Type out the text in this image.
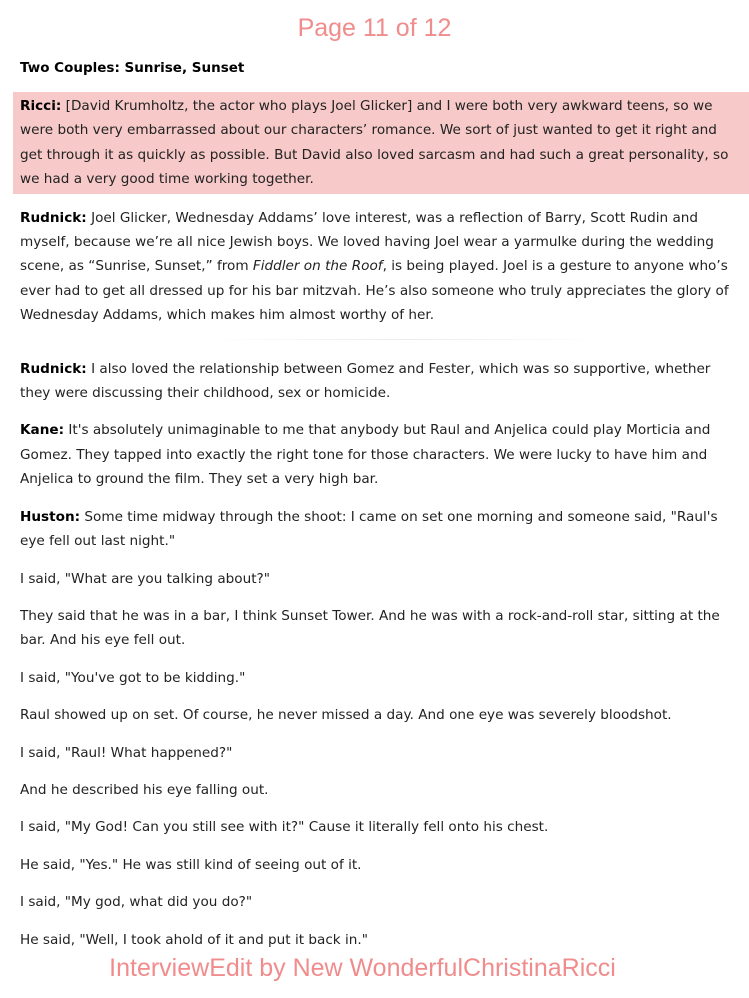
Page 11 of 12
Two Couples: Sunrise, Sunset

Ricci: [David Krumholtz, the actor who plays Joel Glicker] and I were both very awkward teens, so we were both very embarrassed about our characters’ romance. We sort of just wanted to get it right and get through it as quickly as possible. But David also loved sarcasm and had such a great personality, so we had a very good time working together.

Rudnick: Joel Glicker, Wednesday Addams’ love interest, was a reflection of Barry, Scott Rudin and myself, because we’re all nice Jewish boys. We loved having Joel wear a yarmulke during the wedding scene, as “Sunrise, Sunset,” from Fiddler on the Roof, is being played. Joel is a gesture to anyone who’s ever had to get all dressed up for his bar mitzvah. He’s also someone who truly appreciates the glory of Wednesday Addams, which makes him almost worthy of her.

Rudnick: I also loved the relationship between Gomez and Fester, which was so supportive, whether they were discussing their childhood, sex or homicide.

Kane: It's absolutely unimaginable to me that anybody but Raul and Anjelica could play Morticia and Gomez. They tapped into exactly the right tone for those characters. We were lucky to have him and Anjelica to ground the film. They set a very high bar.

Huston: Some time midway through the shoot: I came on set one morning and someone said, "Raul's eye fell out last night."

I said, "What are you talking about?"

They said that he was in a bar, I think Sunset Tower. And he was with a rock-and-roll star, sitting at the bar. And his eye fell out.

I said, "You've got to be kidding."

Raul showed up on set. Of course, he never missed a day. And one eye was severely bloodshot.

I said, "Raul! What happened?"

And he described his eye falling out.

I said, "My God! Can you still see with it?" Cause it literally fell onto his chest.

He said, "Yes." He was still kind of seeing out of it.

I said, "My god, what did you do?"

He said, "Well, I took ahold of it and put it back in."

InterviewEdit by New WonderfulChristinaRicci
